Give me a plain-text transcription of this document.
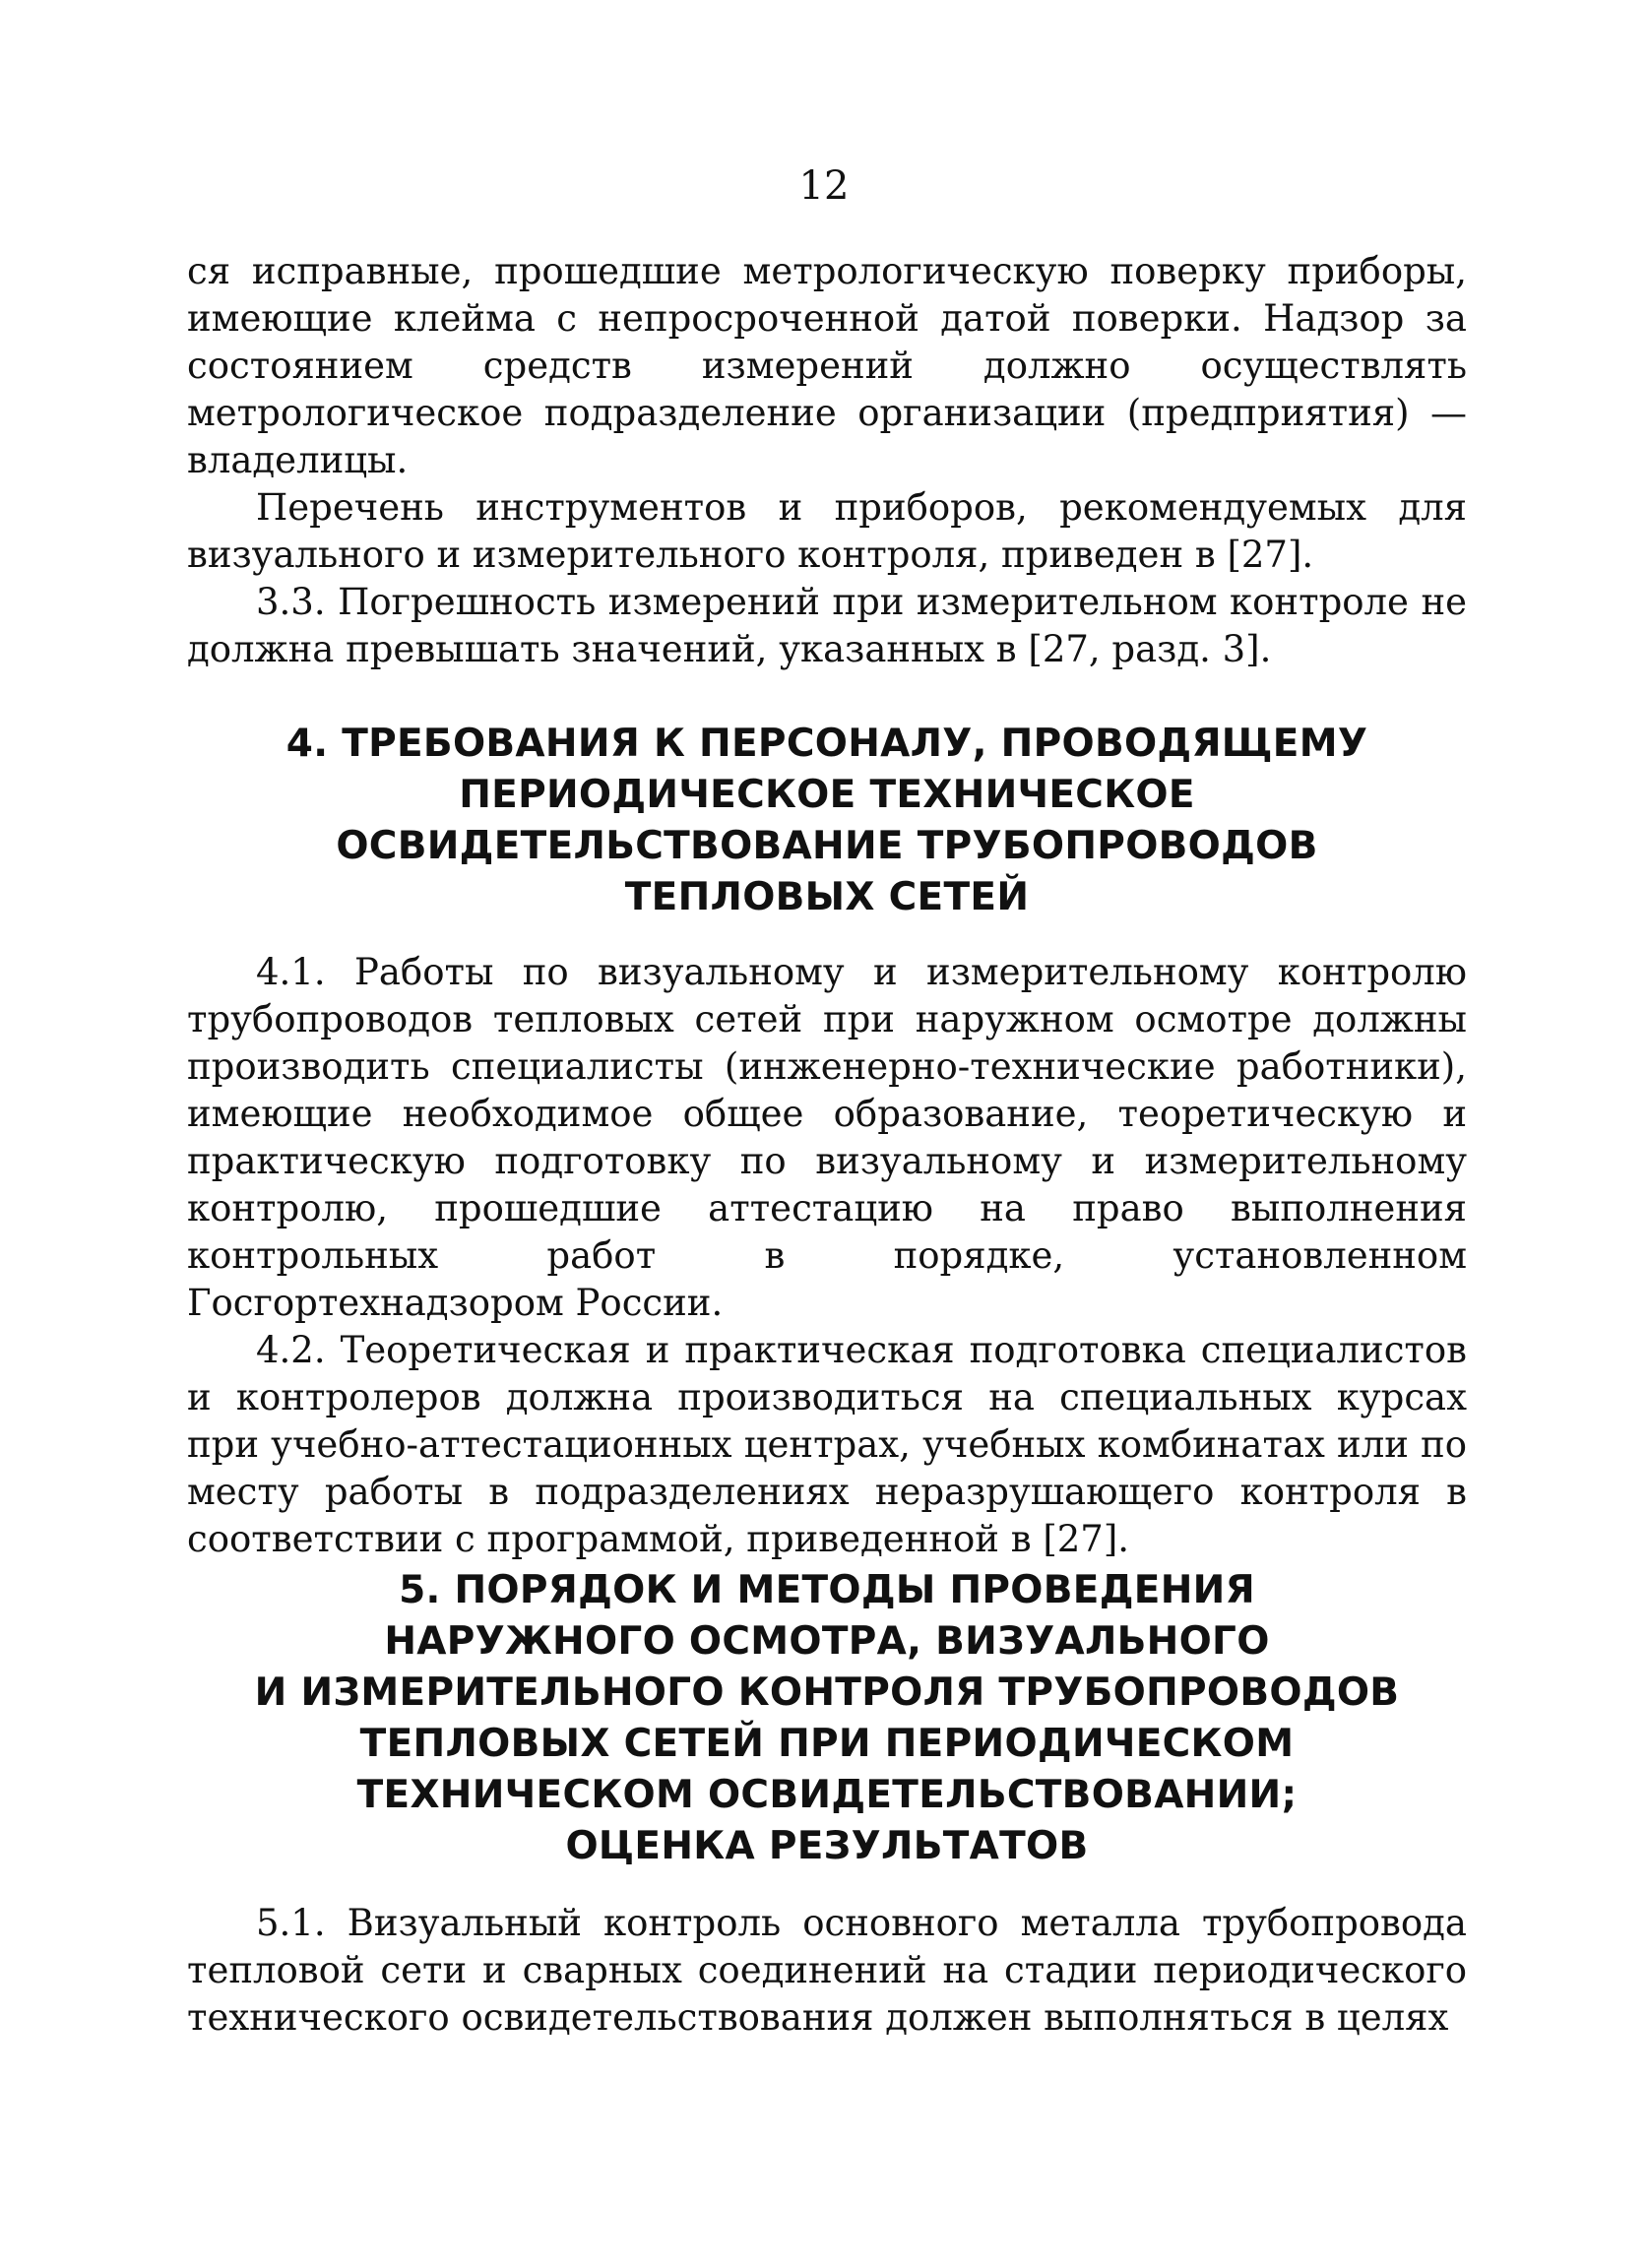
12

ся исправные, прошедшие метрологическую поверку приборы, имеющие клейма с непросроченной датой поверки. Надзор за состоянием средств измерений должно осуществлять метрологическое подразделение организации (предприятия) — владелицы.

Перечень инструментов и приборов, рекомендуемых для визуального и измерительного контроля, приведен в [27].

3.3. Погрешность измерений при измерительном контроле не должна превышать значений, указанных в [27, разд. 3].

4. ТРЕБОВАНИЯ К ПЕРСОНАЛУ, ПРОВОДЯЩЕМУ
ПЕРИОДИЧЕСКОЕ ТЕХНИЧЕСКОЕ
ОСВИДЕТЕЛЬСТВОВАНИЕ ТРУБОПРОВОДОВ
ТЕПЛОВЫХ СЕТЕЙ

4.1. Работы по визуальному и измерительному контролю трубопроводов тепловых сетей при наружном осмотре должны производить специалисты (инженерно-технические работники), имеющие необходимое общее образование, теоретическую и практическую подготовку по визуальному и измерительному контролю, прошедшие аттестацию на право выполнения контрольных работ в порядке, установленном Госгортехнадзором России.

4.2. Теоретическая и практическая подготовка специалистов и контролеров должна производиться на специальных курсах при учебно-аттестационных центрах, учебных комбинатах или по месту работы в подразделениях неразрушающего контроля в соответствии с программой, приведенной в [27].

5. ПОРЯДОК И МЕТОДЫ ПРОВЕДЕНИЯ
НАРУЖНОГО ОСМОТРА, ВИЗУАЛЬНОГО
И ИЗМЕРИТЕЛЬНОГО КОНТРОЛЯ ТРУБОПРОВОДОВ
ТЕПЛОВЫХ СЕТЕЙ ПРИ ПЕРИОДИЧЕСКОМ
ТЕХНИЧЕСКОМ ОСВИДЕТЕЛЬСТВОВАНИИ;
ОЦЕНКА РЕЗУЛЬТАТОВ

5.1. Визуальный контроль основного металла трубопровода тепловой сети и сварных соединений на стадии периодического технического освидетельствования должен выполняться в целях
